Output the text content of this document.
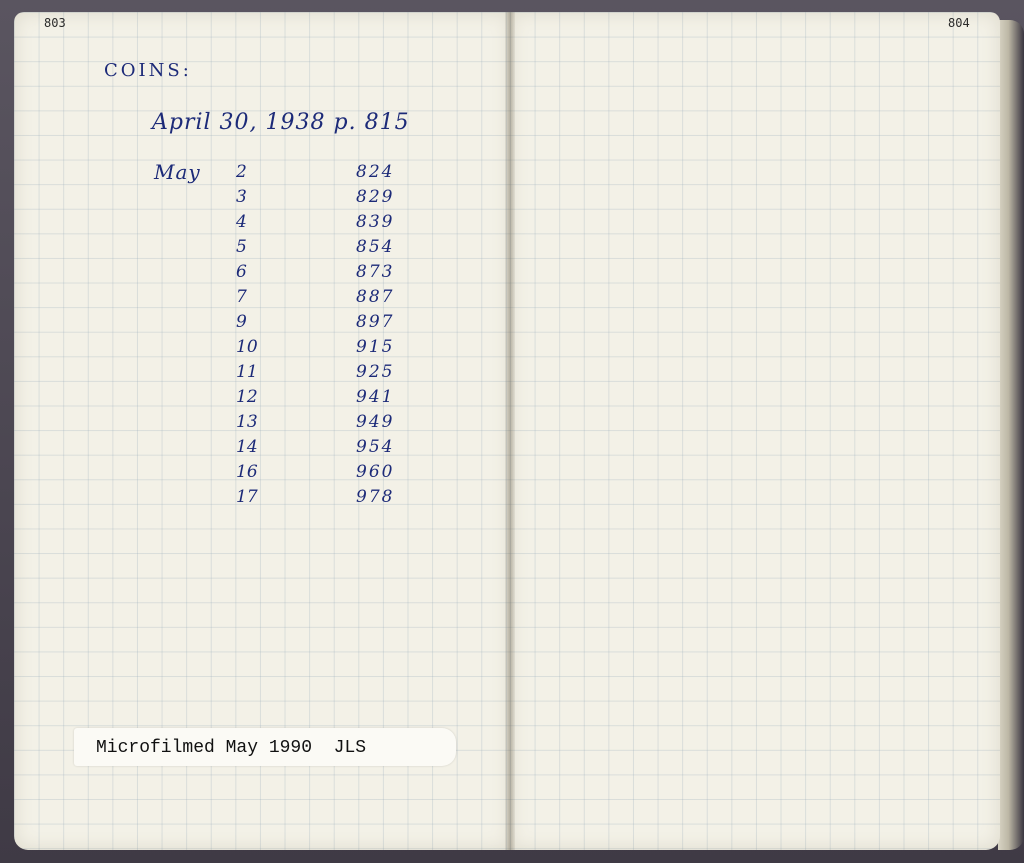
803	804
COINS:
April 30, 1938 p. 815
May 2	824
3	829
4	839
5	854
6	873
7	887
9	897
10	915
11	925
12	941
13	949
14	954
16	960
17	978
Microfilmed May 1990  JLS
